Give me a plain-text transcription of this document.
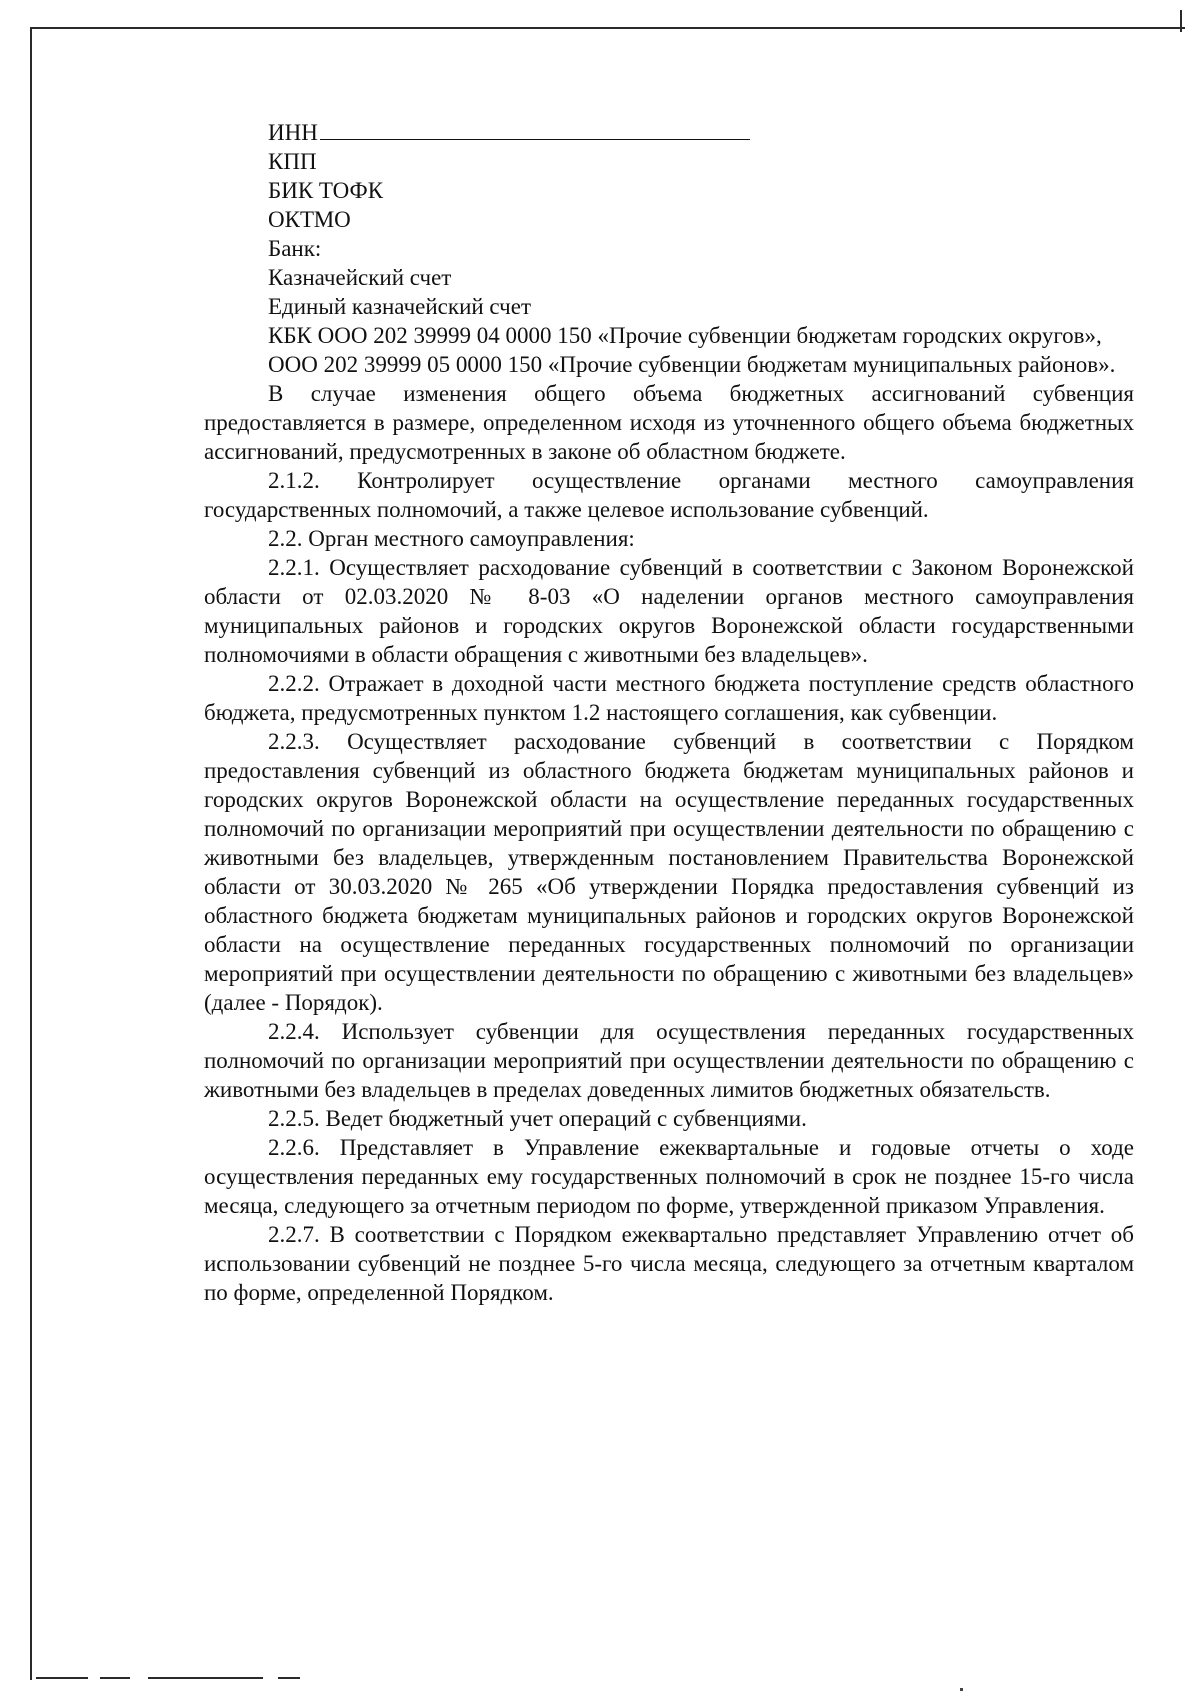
ИНН

КПП

БИК ТОФК

ОКТМО

Банк:

Казначейский счет

Единый казначейский счет

КБК ООО 202 39999 04 0000 150 «Прочие субвенции бюджетам городских округов»,

ООО 202 39999 05 0000 150 «Прочие субвенции бюджетам муниципальных районов».

В случае изменения общего объема бюджетных ассигнований субвенция предоставляется в размере, определенном исходя из уточненного общего объема бюджетных ассигнований, предусмотренных в законе об областном бюджете.

2.1.2. Контролирует осуществление органами местного самоуправления государственных полномочий, а также целевое использование субвенций.

2.2. Орган местного самоуправления:

2.2.1. Осуществляет расходование субвенций в соответствии с Законом Воронежской области от 02.03.2020 № 8-03 «О наделении органов местного самоуправления муниципальных районов и городских округов Воронежской области государственными полномочиями в области обращения с животными без владельцев».

2.2.2. Отражает в доходной части местного бюджета поступление средств областного бюджета, предусмотренных пунктом 1.2 настоящего соглашения, как субвенции.

2.2.3. Осуществляет расходование субвенций в соответствии с Порядком предоставления субвенций из областного бюджета бюджетам муниципальных районов и городских округов Воронежской области на осуществление переданных государственных полномочий по организации мероприятий при осуществлении деятельности по обращению с животными без владельцев, утвержденным постановлением Правительства Воронежской области от 30.03.2020 № 265 «Об утверждении Порядка предоставления субвенций из областного бюджета бюджетам муниципальных районов и городских округов Воронежской области на осуществление переданных государственных полномочий по организации мероприятий при осуществлении деятельности по обращению с животными без владельцев» (далее - Порядок).

2.2.4. Использует субвенции для осуществления переданных государственных полномочий по организации мероприятий при осуществлении деятельности по обращению с животными без владельцев в пределах доведенных лимитов бюджетных обязательств.

2.2.5. Ведет бюджетный учет операций с субвенциями.

2.2.6. Представляет в Управление ежеквартальные и годовые отчеты о ходе осуществления переданных ему государственных полномочий в срок не позднее 15-го числа месяца, следующего за отчетным периодом по форме, утвержденной приказом Управления.

2.2.7. В соответствии с Порядком ежеквартально представляет Управлению отчет об использовании субвенций не позднее 5-го числа месяца, следующего за отчетным кварталом по форме, определенной Порядком.
